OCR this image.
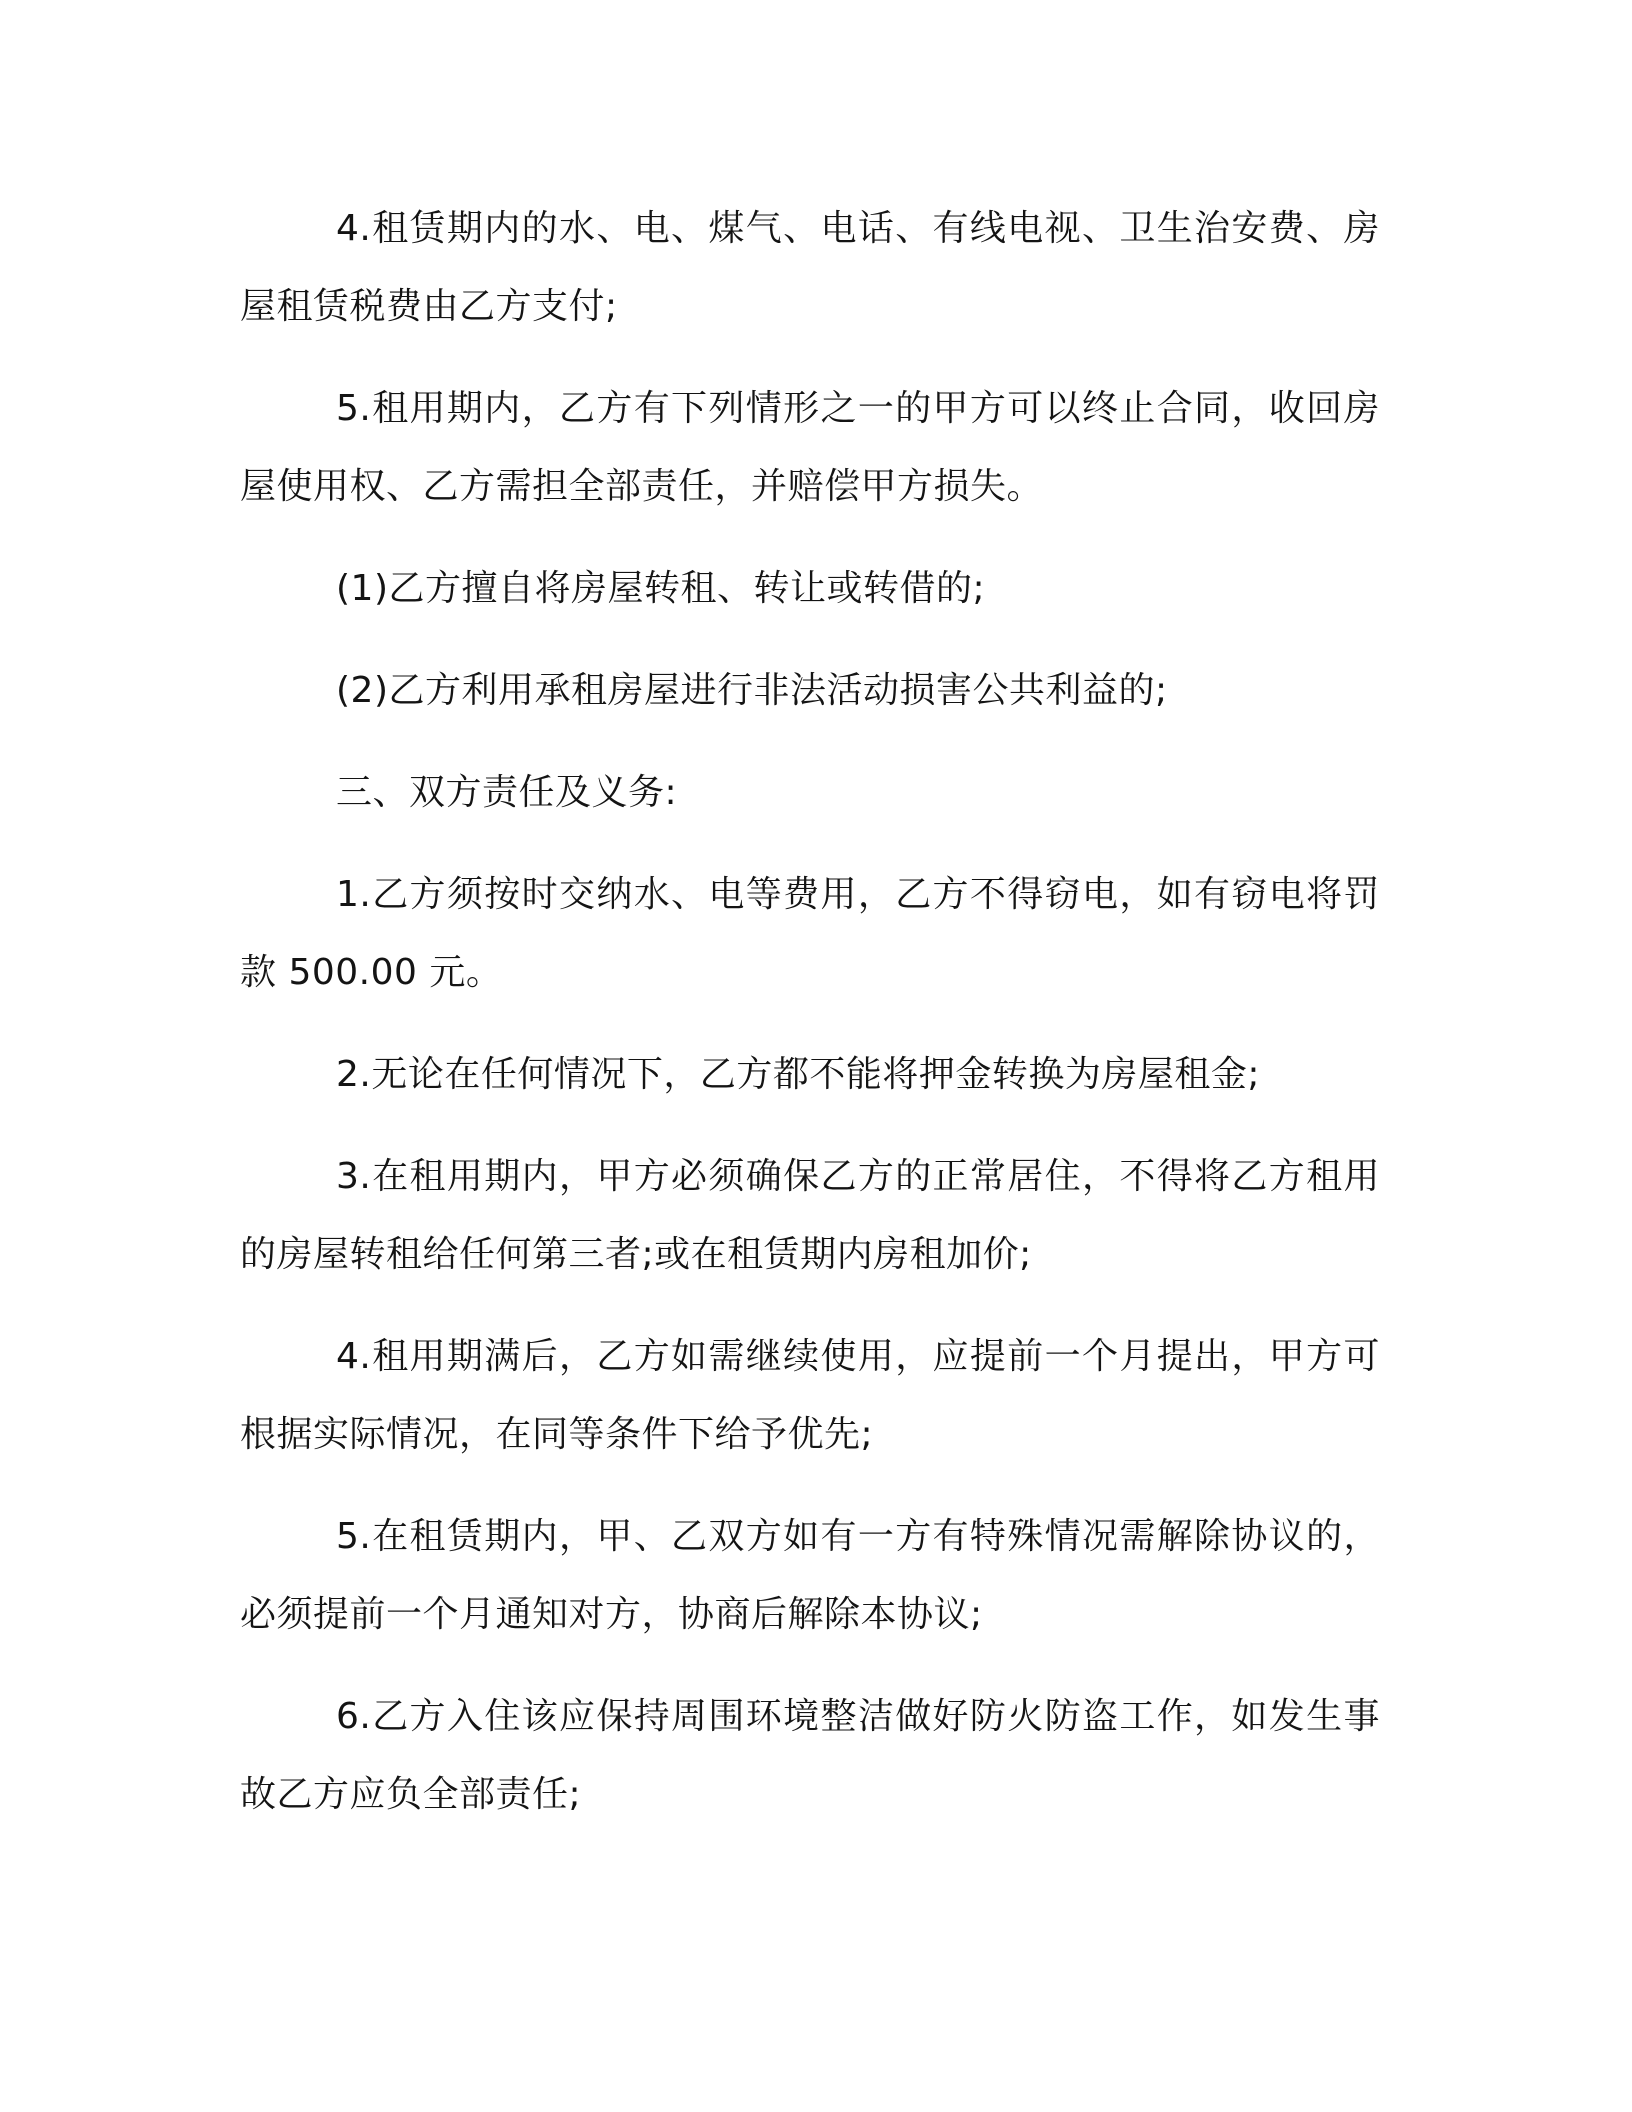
4.租赁期内的水、电、煤气、电话、有线电视、卫生治安费、房屋租赁税费由乙方支付;

5.租用期内，乙方有下列情形之一的甲方可以终止合同，收回房屋使用权、乙方需担全部责任，并赔偿甲方损失。

(1)乙方擅自将房屋转租、转让或转借的;

(2)乙方利用承租房屋进行非法活动损害公共利益的;

三、双方责任及义务:

1.乙方须按时交纳水、电等费用，乙方不得窃电，如有窃电将罚款 500.00 元。

2.无论在任何情况下，乙方都不能将押金转换为房屋租金;

3.在租用期内，甲方必须确保乙方的正常居住，不得将乙方租用的房屋转租给任何第三者;或在租赁期内房租加价;

4.租用期满后，乙方如需继续使用，应提前一个月提出，甲方可根据实际情况，在同等条件下给予优先;

5.在租赁期内，甲、乙双方如有一方有特殊情况需解除协议的，必须提前一个月通知对方，协商后解除本协议;

6.乙方入住该应保持周围环境整洁做好防火防盗工作，如发生事故乙方应负全部责任;
